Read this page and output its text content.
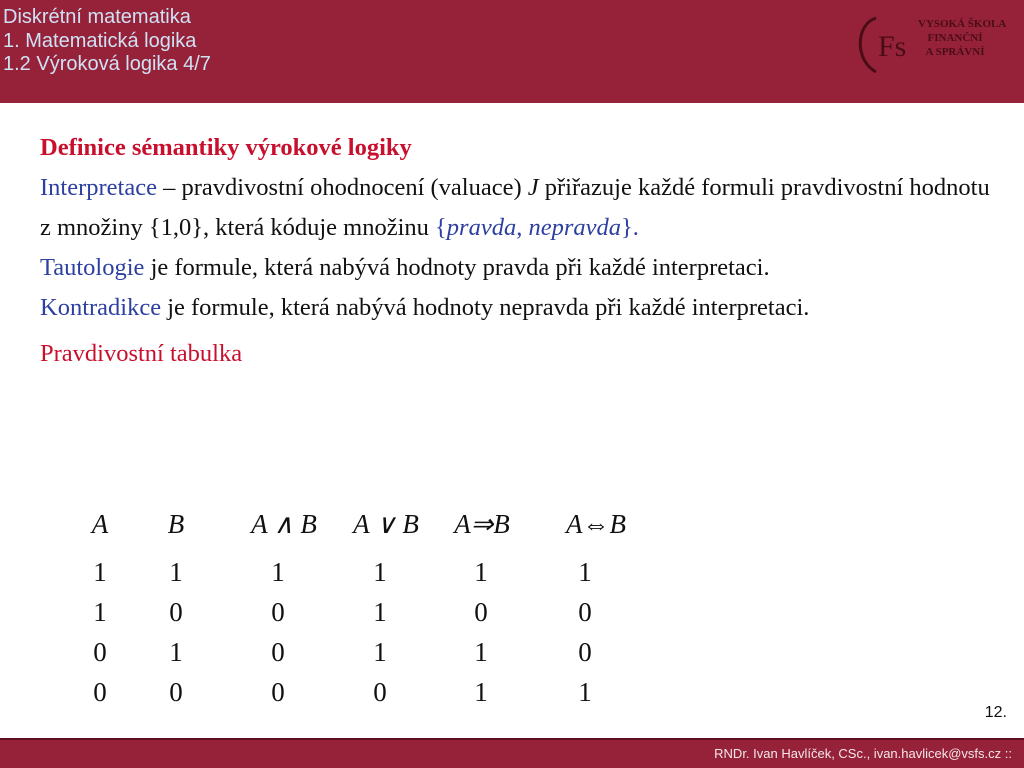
Diskrétní matematika
1. Matematická logika
1.2 Výroková logika 4/7
Fs
VYSOKÁ ŠKOLA
FINANČNÍ
A SPRÁVNÍ
Definice sémantiky výrokové logiky
Interpretace – pravdivostní ohodnocení (valuace) J přiřazuje každé formuli pravdivostní hodnotu z množiny {1,0}, která kóduje množinu {pravda, nepravda}.
Tautologie je formule, která nabývá hodnoty pravda při každé interpretaci.
Kontradikce je formule, která nabývá hodnoty nepravda při každé interpretaci.
Pravdivostní tabulka
A	B	A ∧ B	A ∨ B	A⇒B	A⇔B
1	1	1	1	1	1
1	0	0	1	0	0
0	1	0	1	1	0
0	0	0	0	1	1
12.
RNDr. Ivan Havlíček, CSc., ivan.havlicek@vsfs.cz ::
